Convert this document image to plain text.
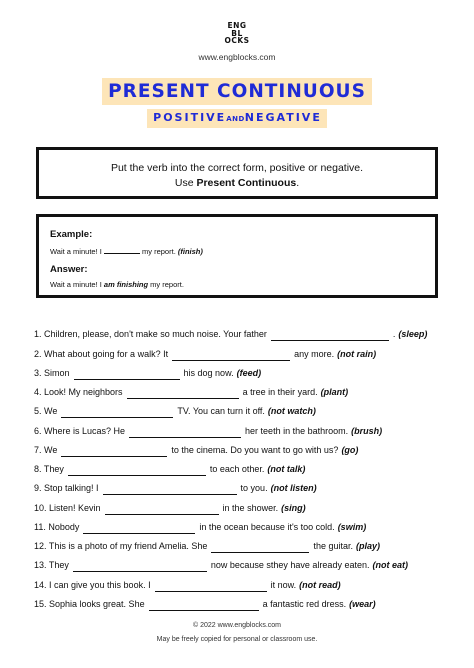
ENG
BL
OCKS
www.engblocks.com
PRESENT CONTINUOUS
POSITIVEANDNEGATIVE
Put the verb into the correct form, positive or negative.
Use Present Continuous.

Example:

Wait a minute! I	my report. (finish)

Answer:

Wait a minute! I am finishing my report.

1. Children, please, don't make so much noise. Your father	. (sleep)
2. What about going for a walk? It	any more. (not rain)
3. Simon	his dog now. (feed)
4. Look! My neighbors	a tree in their yard. (plant)
5. We	TV. You can turn it off. (not watch)
6. Where is Lucas? He	her teeth in the bathroom. (brush)
7. We	to the cinema. Do you want to go with us? (go)
8. They	to each other. (not talk)
9. Stop talking! I	to you. (not listen)
10. Listen! Kevin	in the shower. (sing)
11. Nobody	in the ocean because it's too cold. (swim)
12. This is a photo of my friend Amelia. She	the guitar. (play)
13. They	now because sthey have already eaten. (not eat)
14. I can give you this book. I	it now. (not read)
15. Sophia looks great. She	a fantastic red dress. (wear)
© 2022 www.engblocks.com
May be freely copied for personal or classroom use.
